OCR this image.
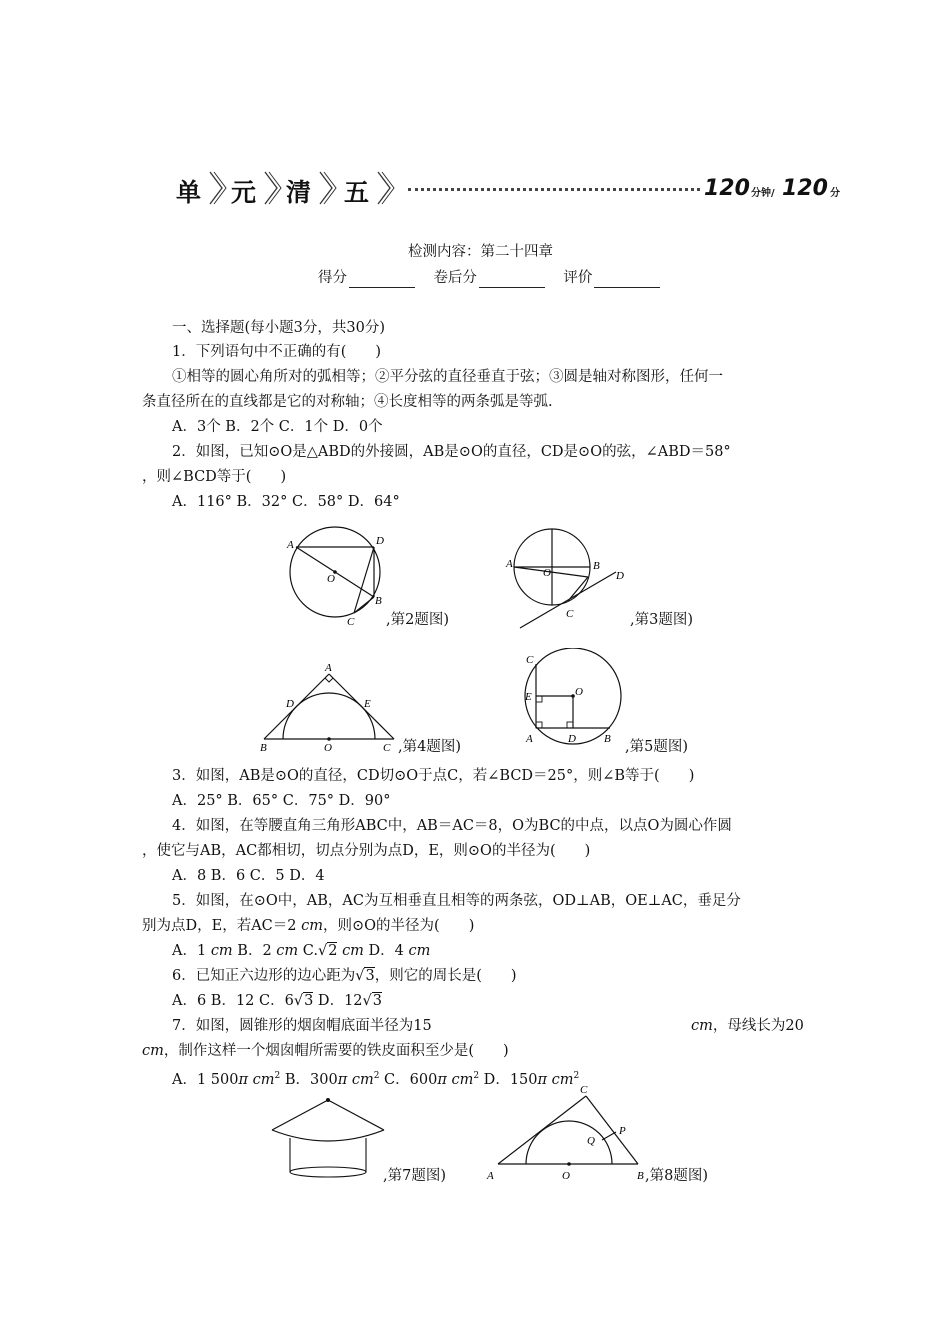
单 元 清 五	120 分钟/ 120 分
检测内容：第二十四章
得分	卷后分	评价
一、选择题(每小题3分，共30分)
1．下列语句中不正确的有(　　)
①相等的圆心角所对的弧相等；②平分弦的直径垂直于弦；③圆是轴对称图形，任何一
条直径所在的直线都是它的对称轴；④长度相等的两条弧是等弧.
A．3个 B．2个 C．1个 D．0个
2．如图，已知⊙O是△ABD的外接圆，AB是⊙O的直径，CD是⊙O的弦，∠ABD＝58°
，则∠BCD等于(　　)
A．116° B．32° C．58° D．64°
A	D
O
B
C ,第2题图)
A
O
B
D
C	,第3题图)
A
D	E
B	O	C ,第4题图)
C
E	O
A	D	B ,第5题图)
3．如图，AB是⊙O的直径，CD切⊙O于点C，若∠BCD＝25°，则∠B等于(　　)
A．25° B．65° C．75° D．90°
4．如图，在等腰直角三角形ABC中，AB＝AC＝8，O为BC的中点，以点O为圆心作圆
，使它与AB，AC都相切，切点分别为点D，E，则⊙O的半径为(　　)
A．8 B．6 C．5 D．4
5．如图，在⊙O中，AB，AC为互相垂直且相等的两条弦，OD⊥AB，OE⊥AC，垂足分
别为点D，E，若AC＝2 cm，则⊙O的半径为(　　)
A．1 cm B．2 cm C.√2 cm D．4 cm
6．已知正六边形的边心距为√3，则它的周长是(　　)
A．6 B．12 C．6√3 D．12√3
7．如图，圆锥形的烟囱帽底面半径为15	cm，母线长为20
cm，制作这样一个烟囱帽所需要的铁皮面积至少是(　　)
A．1 500π $cm^2$ B．300π $cm^2$ C．600π $cm^2$ D．150π $cm^2$
,第7题图)
C
P
Q
A	O	B ,第8题图)
